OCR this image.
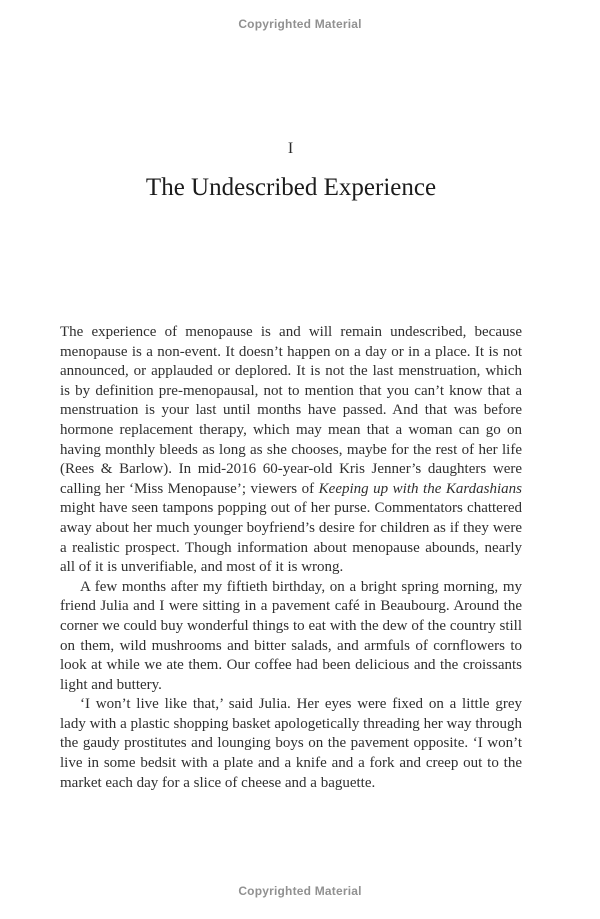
Copyrighted Material
I
The Undescribed Experience

The experience of menopause is and will remain undescribed, because menopause is a non-event. It doesn’t happen on a day or in a place. It is not announced, or applauded or deplored. It is not the last menstruation, which is by definition pre-menopausal, not to mention that you can’t know that a menstruation is your last until months have passed. And that was before hormone replacement therapy, which may mean that a woman can go on having monthly bleeds as long as she chooses, maybe for the rest of her life (Rees & Barlow). In mid-2016 60-year-old Kris Jenner’s daughters were calling her ‘Miss Menopause’; viewers of Keeping up with the Kardashians might have seen tampons popping out of her purse. Commentators chattered away about her much younger boyfriend’s desire for children as if they were a realistic prospect. Though information about menopause abounds, nearly all of it is unverifiable, and most of it is wrong.

A few months after my fiftieth birthday, on a bright spring morning, my friend Julia and I were sitting in a pavement café in Beaubourg. Around the corner we could buy wonderful things to eat with the dew of the country still on them, wild mushrooms and bitter salads, and armfuls of cornflowers to look at while we ate them. Our coffee had been delicious and the croissants light and buttery.

‘I won’t live like that,’ said Julia. Her eyes were fixed on a little grey lady with a plastic shopping basket apologetically threading her way through the gaudy prostitutes and lounging boys on the pavement opposite. ‘I won’t live in some bedsit with a plate and a knife and a fork and creep out to the market each day for a slice of cheese and a baguette.

Copyrighted Material
